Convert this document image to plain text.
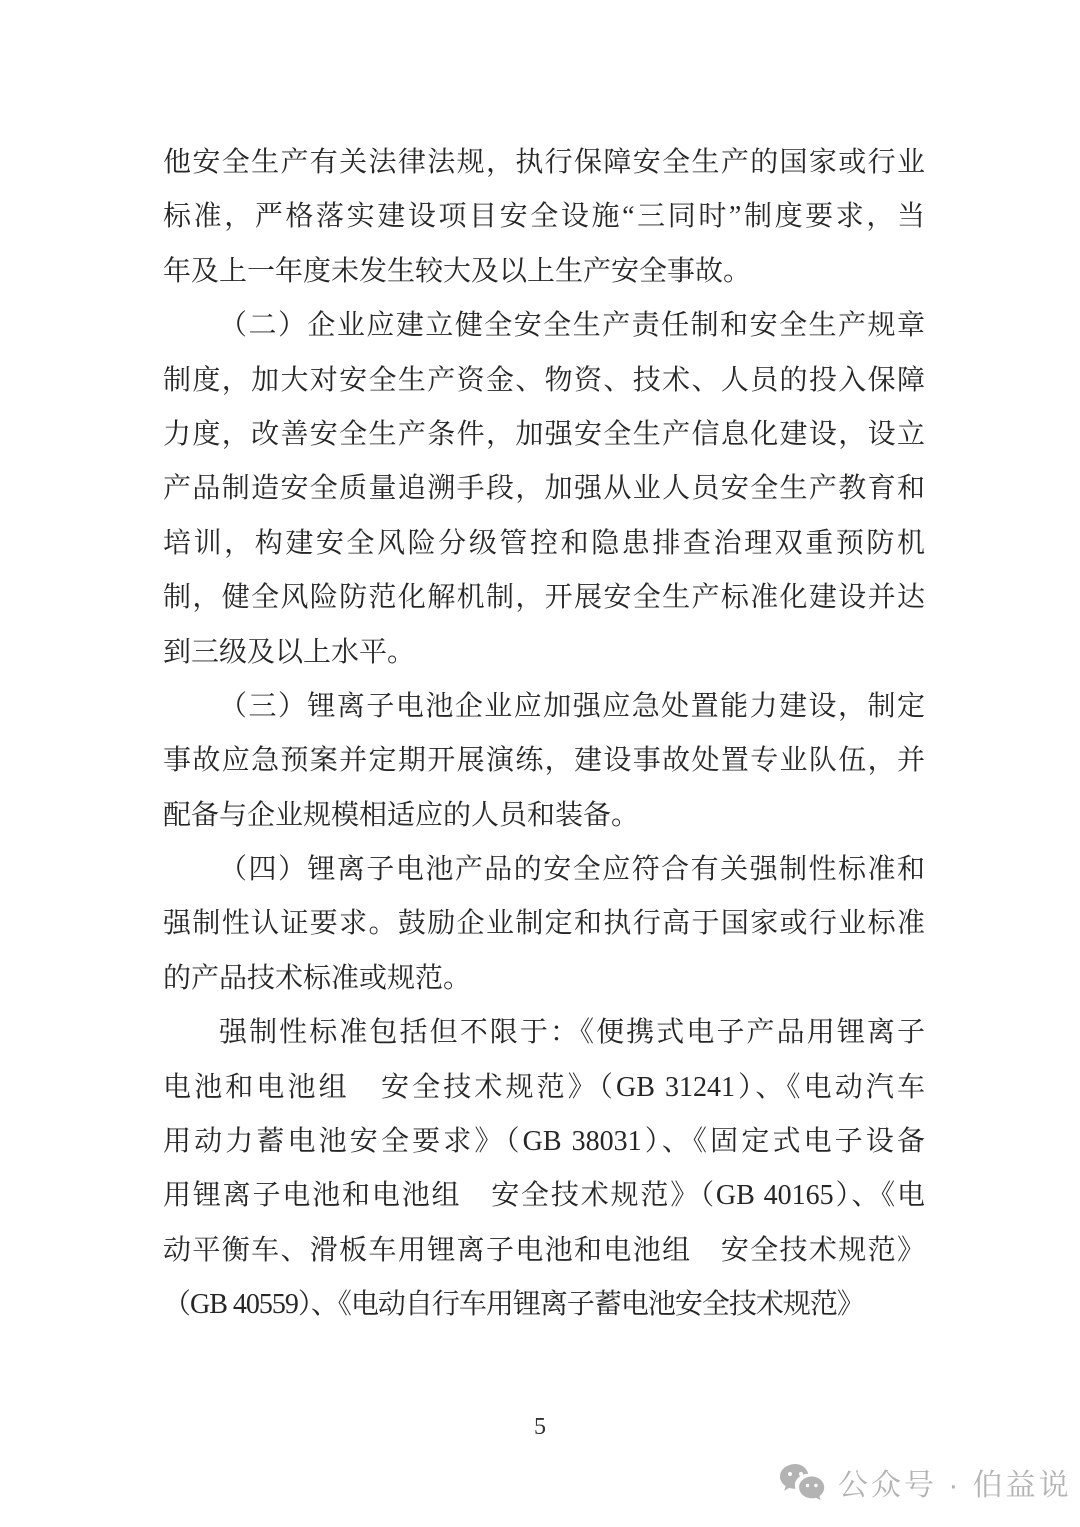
他安全生产有关法律法规，执行保障安全生产的国家或行业
标准，严格落实建设项目安全设施“三同时”制度要求，当
年及上一年度未发生较大及以上生产安全事故。
（二）企业应建立健全安全生产责任制和安全生产规章
制度，加大对安全生产资金、物资、技术、人员的投入保障
力度，改善安全生产条件，加强安全生产信息化建设，设立
产品制造安全质量追溯手段，加强从业人员安全生产教育和
培训，构建安全风险分级管控和隐患排查治理双重预防机
制，健全风险防范化解机制，开展安全生产标准化建设并达
到三级及以上水平。
（三）锂离子电池企业应加强应急处置能力建设，制定
事故应急预案并定期开展演练，建设事故处置专业队伍，并
配备与企业规模相适应的人员和装备。
（四）锂离子电池产品的安全应符合有关强制性标准和
强制性认证要求。鼓励企业制定和执行高于国家或行业标准
的产品技术标准或规范。
强制性标准包括但不限于：《便携式电子产品用锂离子
电池和电池组　安全技术规范》（GB 31241）、《电动汽车
用动力蓄电池安全要求》（GB 38031）、《固定式电子设备
用锂离子电池和电池组　安全技术规范》（GB 40165）、《电
动平衡车、滑板车用锂离子电池和电池组　安全技术规范》
（GB 40559）、《电动自行车用锂离子蓄电池安全技术规范》
5
公众号 · 伯益说
